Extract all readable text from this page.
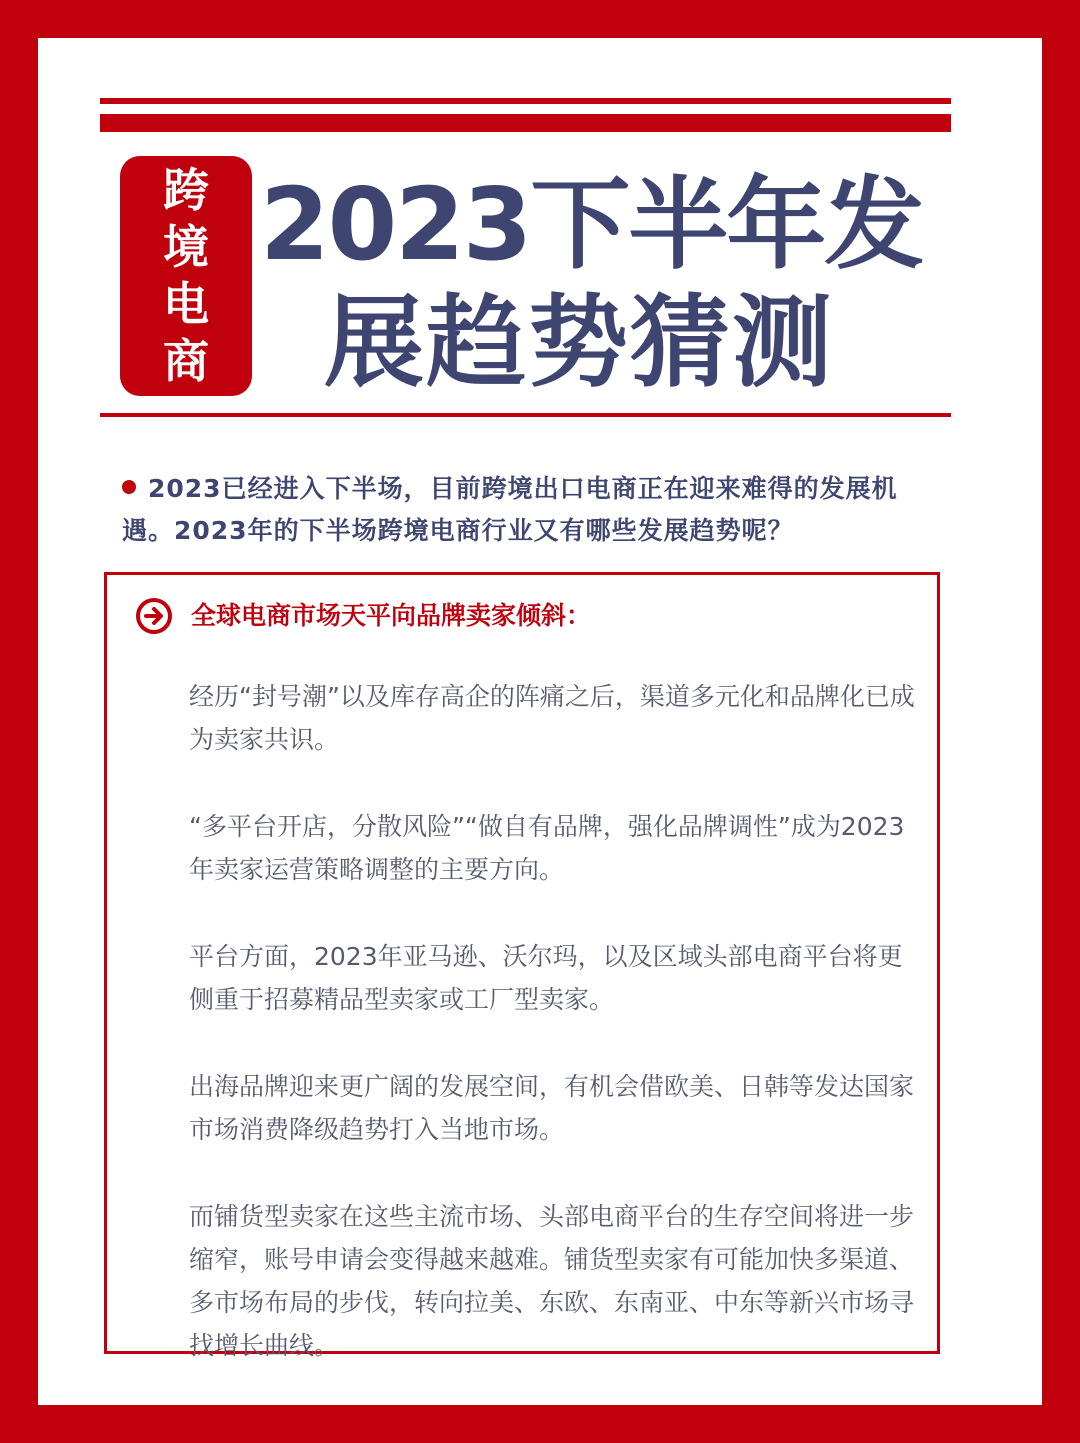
跨
境
电
商
2023下半年发
展趋势猜测
2023已经进入下半场，目前跨境出口电商正在迎来难得的发展机遇。2023年的下半场跨境电商行业又有哪些发展趋势呢？
全球电商市场天平向品牌卖家倾斜：

经历“封号潮”以及库存高企的阵痛之后，渠道多元化和品牌化已成为卖家共识。

“多平台开店，分散风险”“做自有品牌，强化品牌调性”成为2023年卖家运营策略调整的主要方向。

平台方面，2023年亚马逊、沃尔玛，以及区域头部电商平台将更侧重于招募精品型卖家或工厂型卖家。

出海品牌迎来更广阔的发展空间，有机会借欧美、日韩等发达国家市场消费降级趋势打入当地市场。

而铺货型卖家在这些主流市场、头部电商平台的生存空间将进一步缩窄，账号申请会变得越来越难。铺货型卖家有可能加快多渠道、多市场布局的步伐，转向拉美、东欧、东南亚、中东等新兴市场寻找增长曲线。
